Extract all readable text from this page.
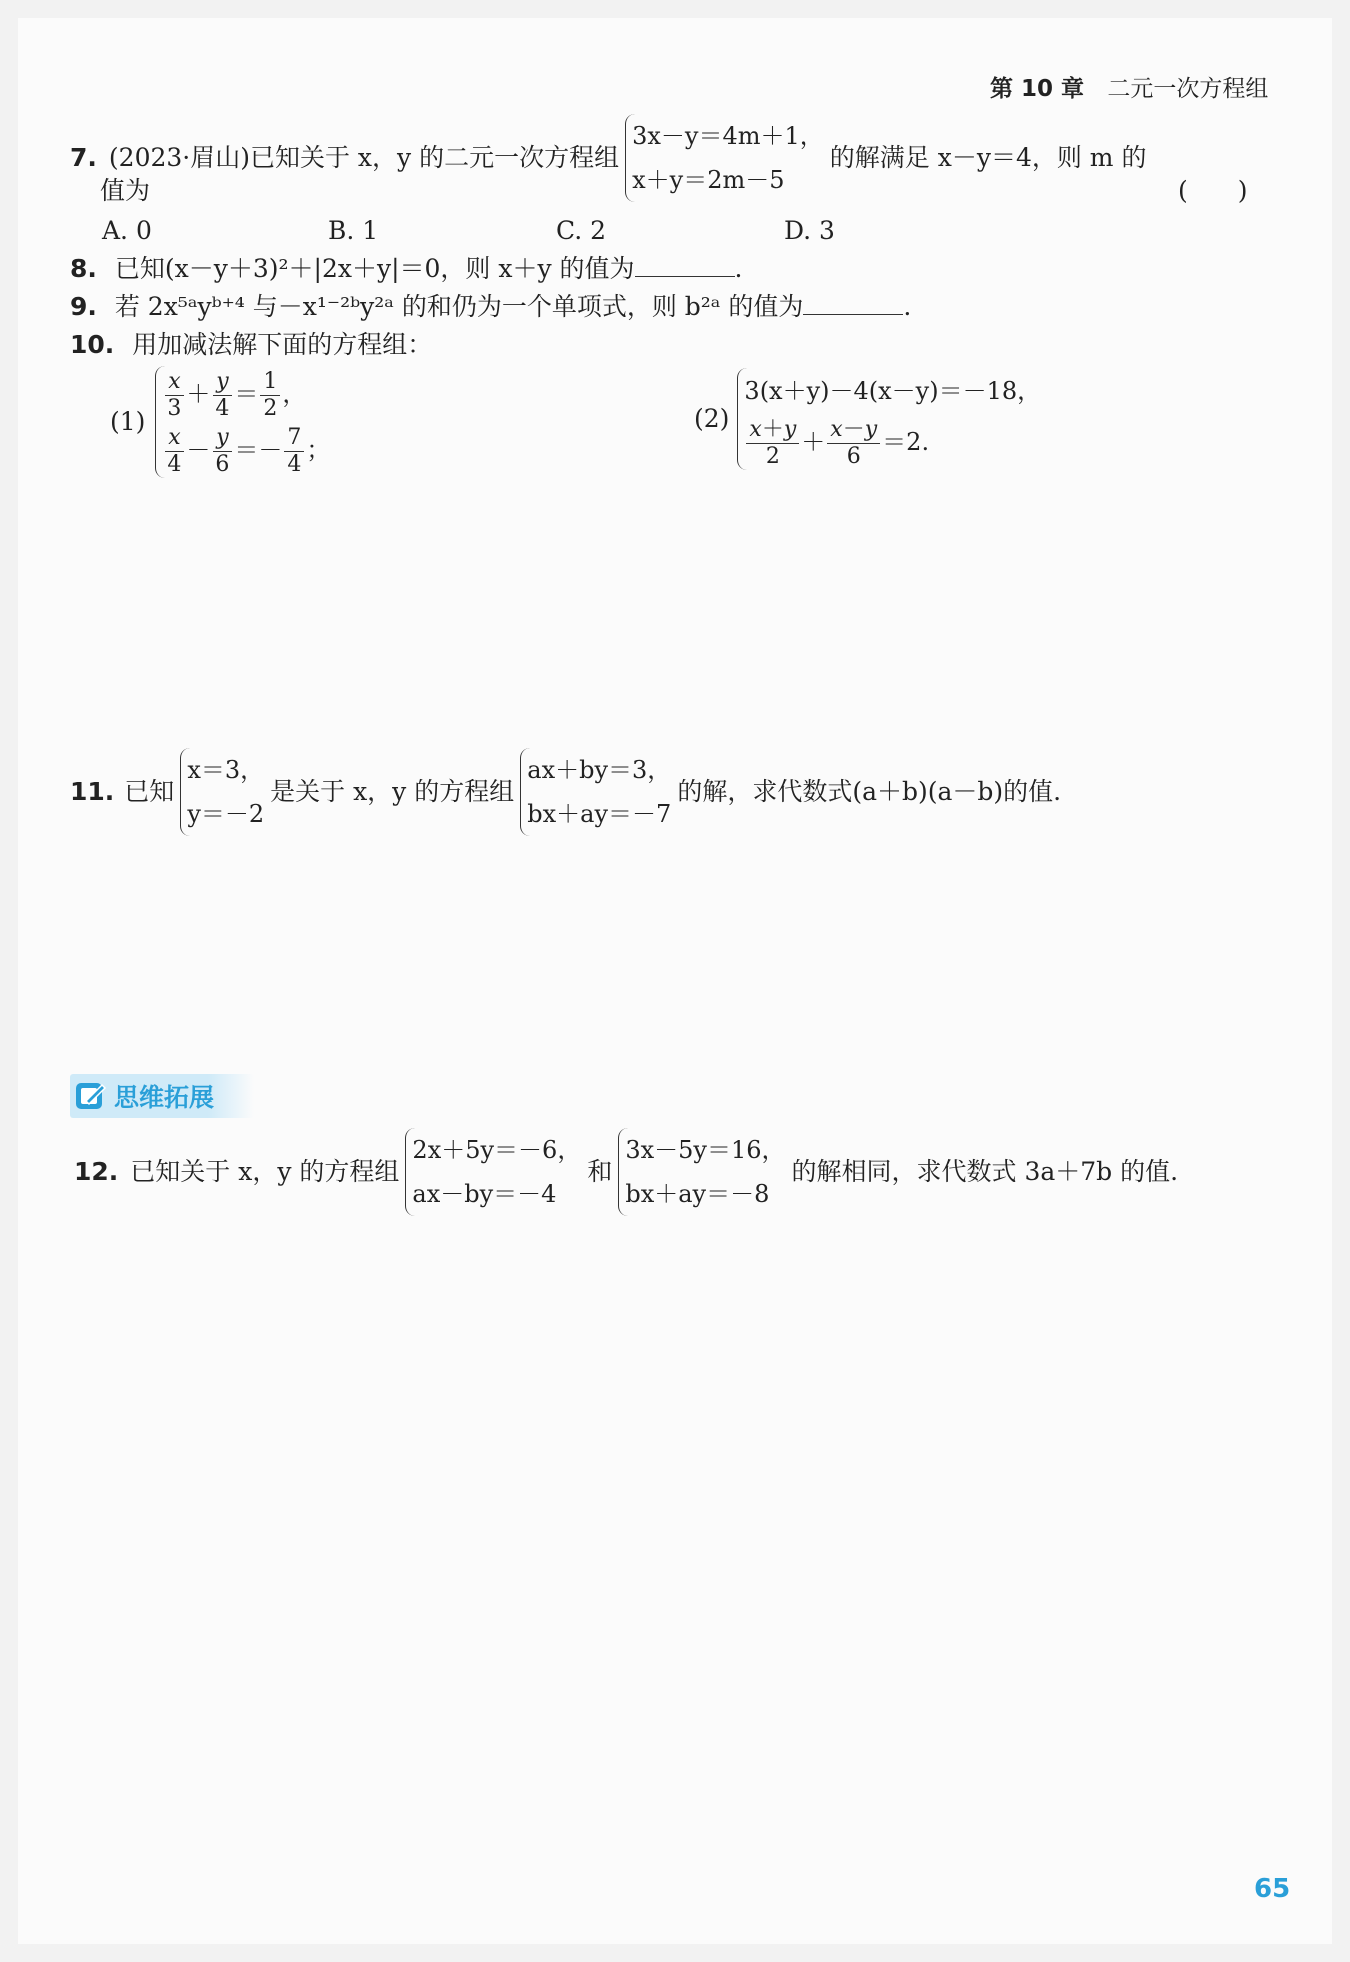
第 10 章 二元一次方程组
7. (2023·眉山)已知关于 x，y 的二元一次方程组
3x－y＝4m＋1，
x＋y＝2m－5
的解满足 x－y＝4，则 m 的
值为	(　　)
A. 0	B. 1	C. 2	D. 3
8. 已知(x－y＋3)²＋|2x＋y|＝0，则 x＋y 的值为	.
9. 若 2x⁵ᵃyᵇ⁺⁴ 与－x¹⁻²ᵇy²ᵃ 的和仍为一个单项式，则 b²ᵃ 的值为	.
10. 用加减法解下面的方程组：
$(1) \frac{x}{3} + \frac{y}{4} = \frac{1}{2}$ ，
$\frac{x}{4} - \frac{y}{6} =- \frac{7}{4}$ ；
(2)
3(x＋y)－4(x－y)＝－18，
$\frac{x+y}{2} + \frac{x-y}{6} =2$.
11. 已知
x＝3，
y＝－2
是关于 x，y 的方程组
ax＋by＝3，
bx＋ay＝－7
的解，求代数式(a＋b)(a－b)的值.
思维拓展
12. 已知关于 x，y 的方程组
2x＋5y＝－6，
ax－by＝－4
和
3x－5y＝16，
bx＋ay＝－8
的解相同，求代数式 3a＋7b 的值.
65
